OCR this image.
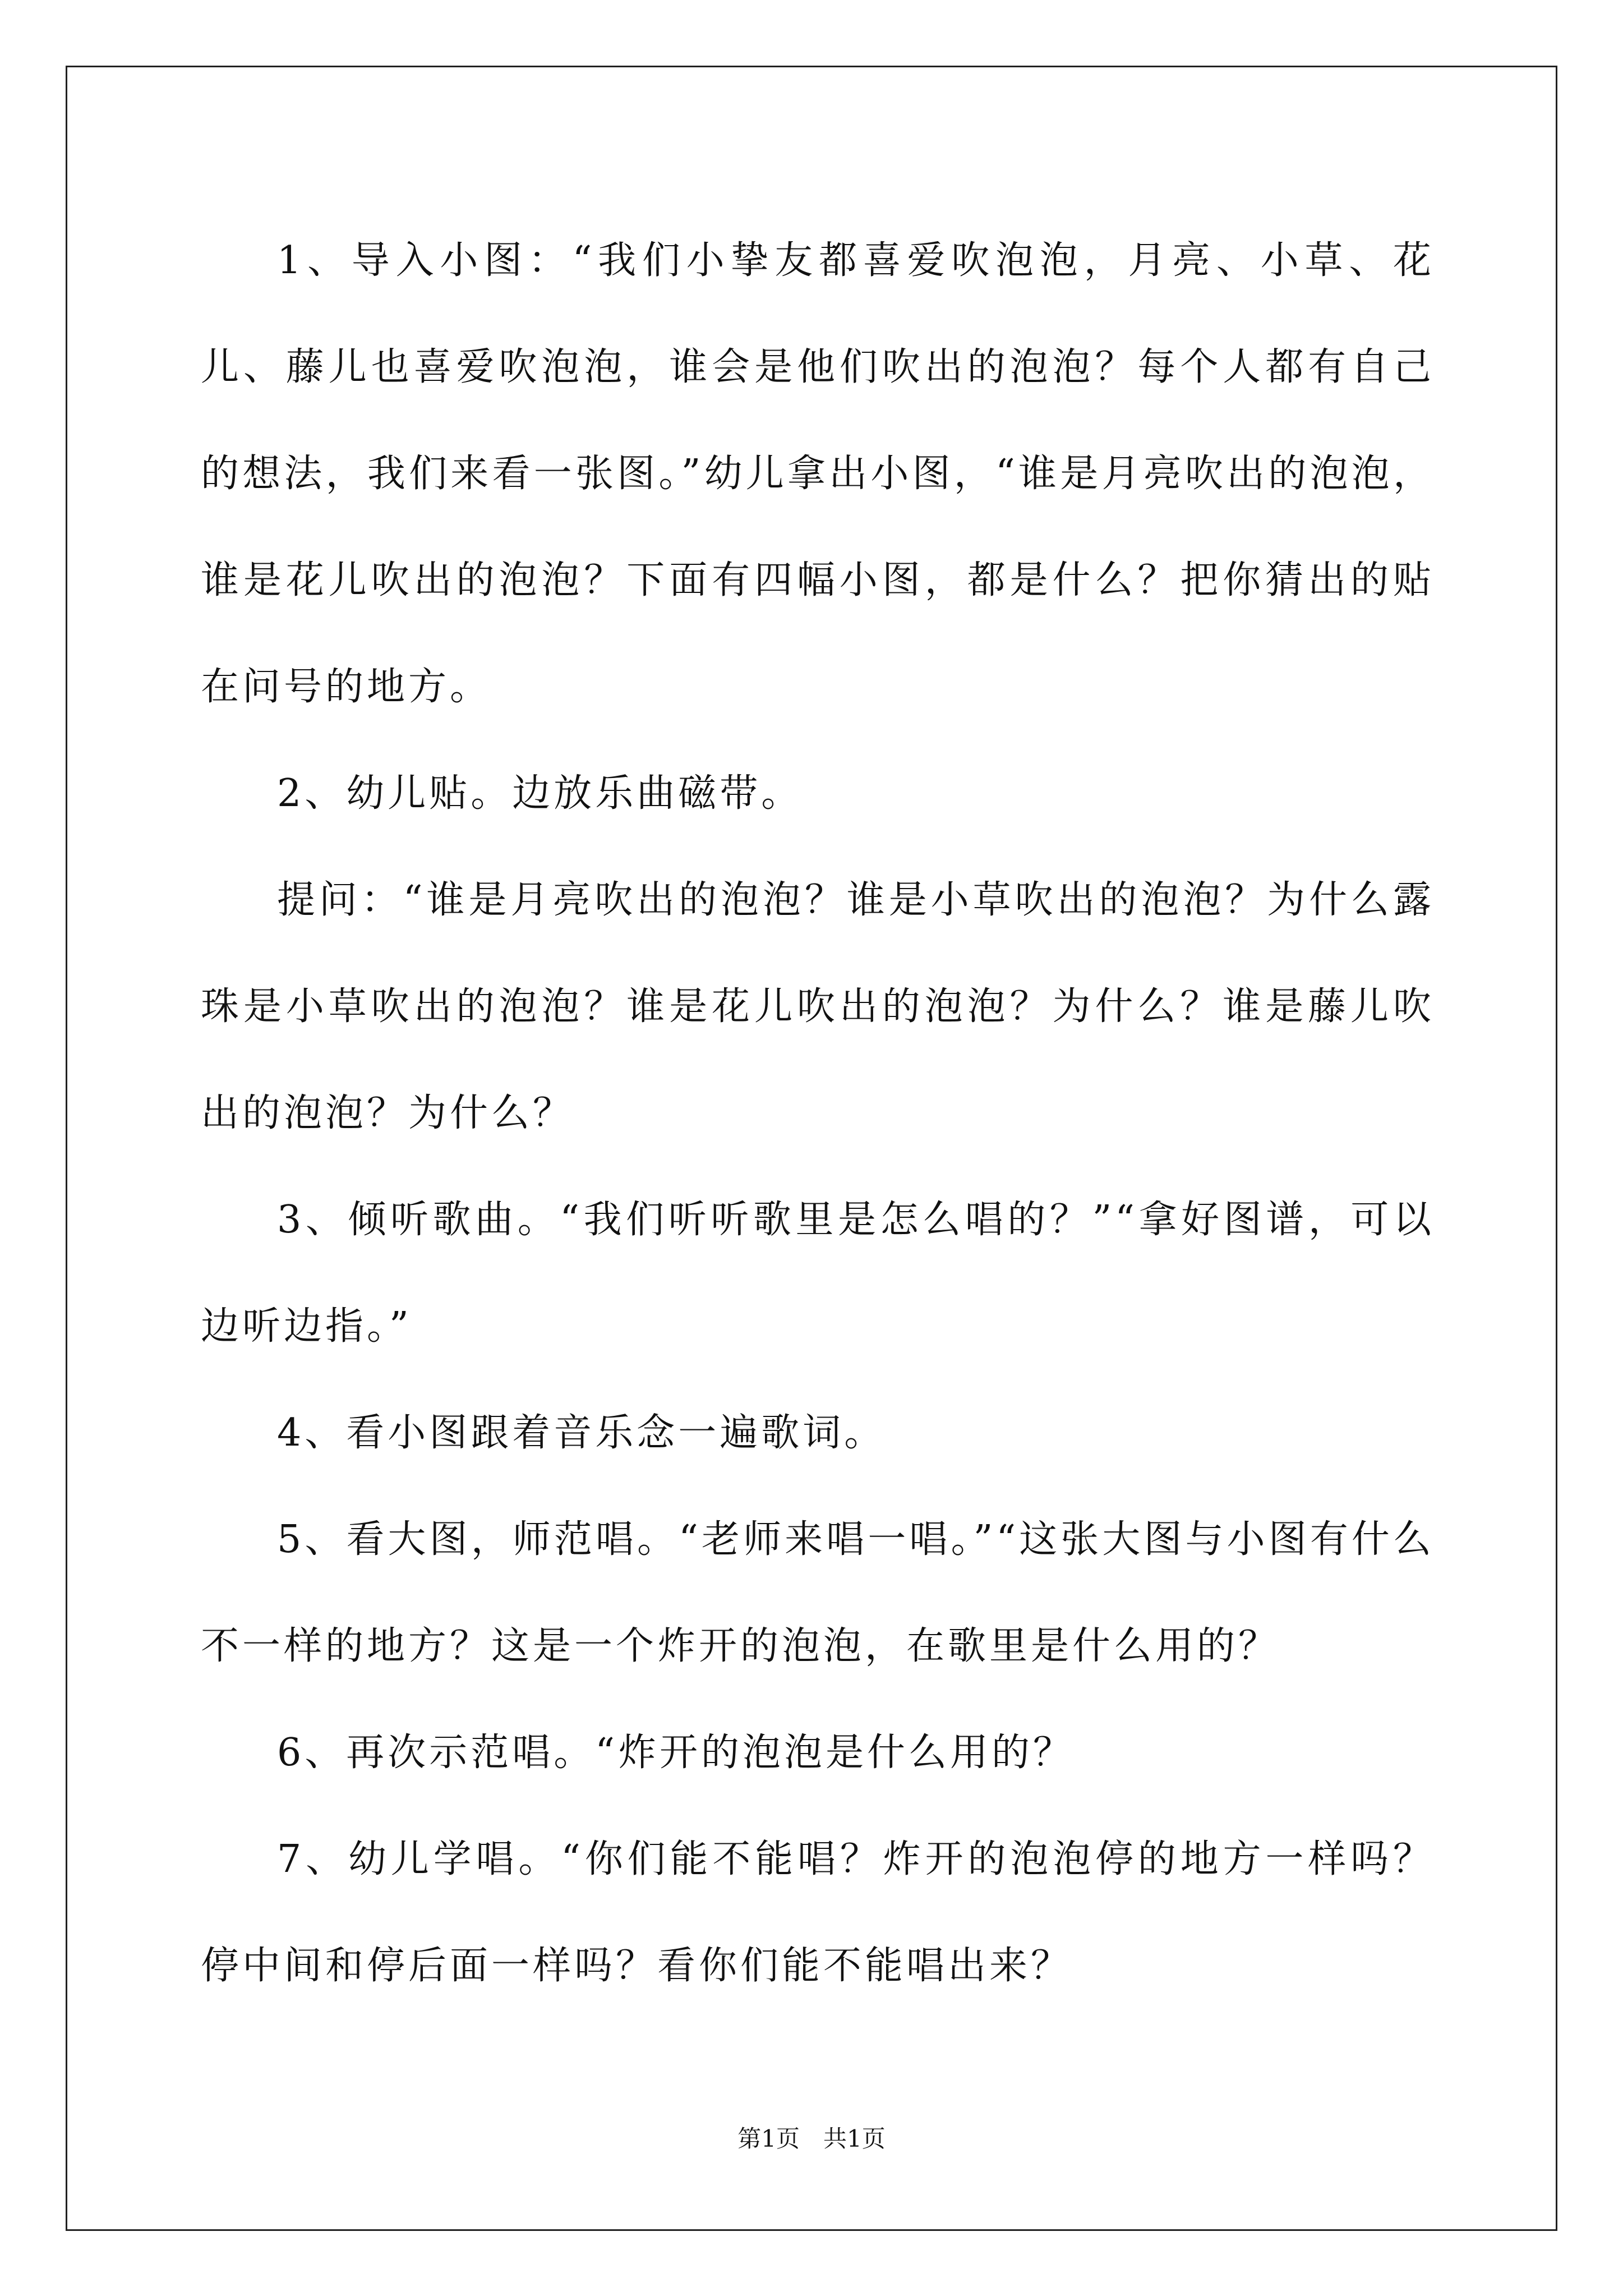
1、导入小图：“我们小挚友都喜爱吹泡泡，月亮、小草、花儿、藤儿也喜爱吹泡泡，谁会是他们吹出的泡泡？每个人都有自己的想法，我们来看一张图。”幼儿拿出小图，“谁是月亮吹出的泡泡，谁是花儿吹出的泡泡？下面有四幅小图，都是什么？把你猜出的贴在问号的地方。

2、幼儿贴。边放乐曲磁带。

提问：“谁是月亮吹出的泡泡？谁是小草吹出的泡泡？为什么露珠是小草吹出的泡泡？谁是花儿吹出的泡泡？为什么？谁是藤儿吹出的泡泡？为什么？

3、倾听歌曲。“我们听听歌里是怎么唱的？”“拿好图谱，可以边听边指。”

4、看小图跟着音乐念一遍歌词。

5、看大图，师范唱。“老师来唱一唱。”“这张大图与小图有什么不一样的地方？这是一个炸开的泡泡，在歌里是什么用的？

6、再次示范唱。“炸开的泡泡是什么用的？

7、幼儿学唱。“你们能不能唱？炸开的泡泡停的地方一样吗？停中间和停后面一样吗？看你们能不能唱出来？

第1页　共1页
